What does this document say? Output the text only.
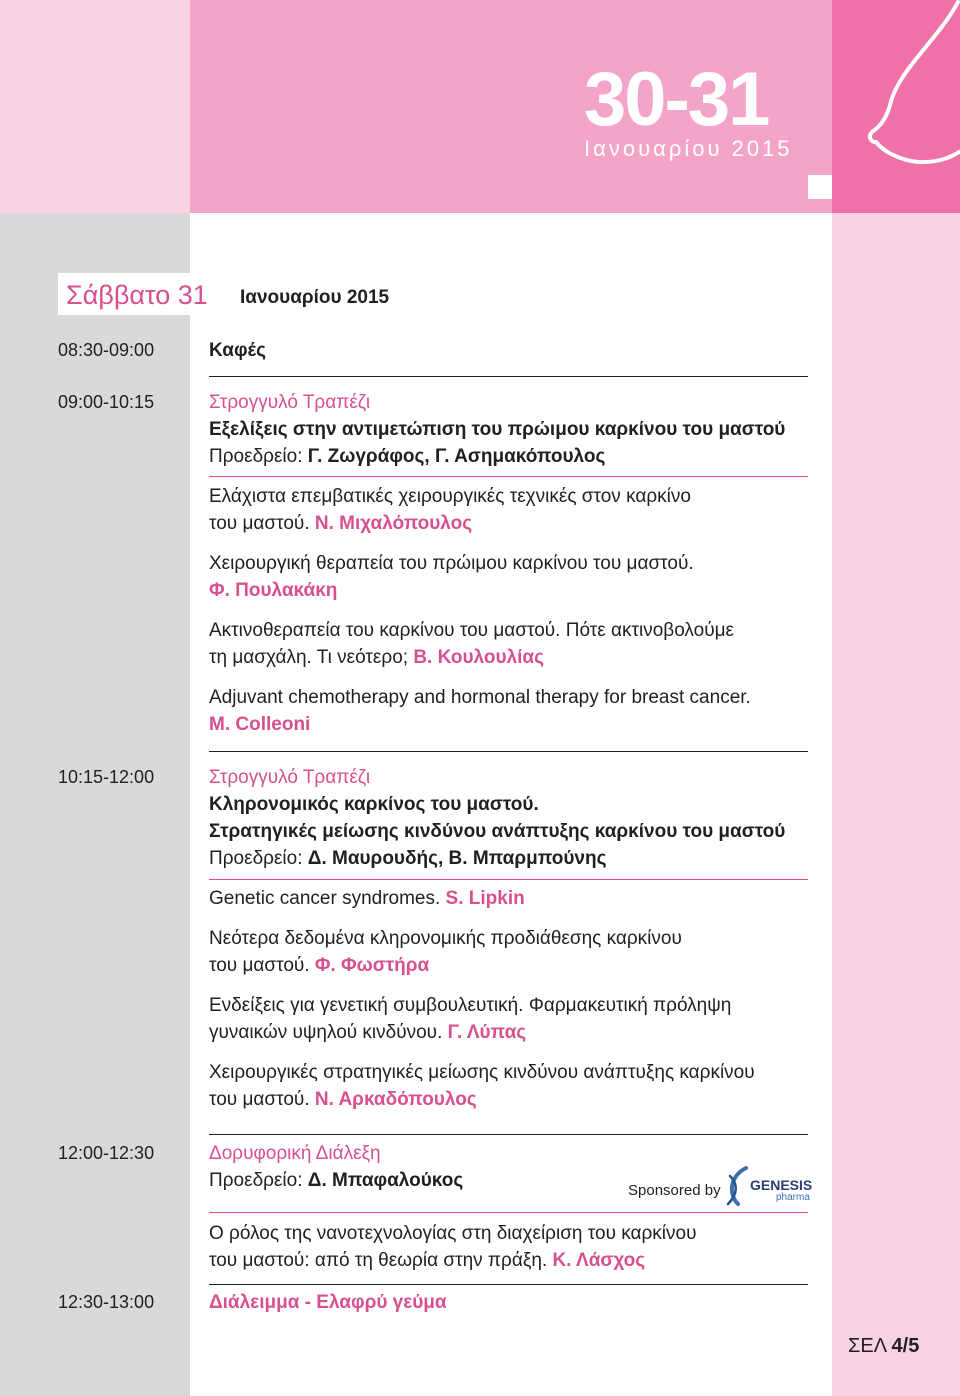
30-31
Ιανουαρίου 2015
Σάββατο 31 Ιανουαρίου 2015
08:30-09:00	Καφές
09:00-10:15	Στρογγυλό Τραπέζι
Εξελίξεις στην αντιμετώπιση του πρώιμου καρκίνου του μαστού
Προεδρείο: Γ. Ζωγράφος, Γ. Ασημακόπουλος
Ελάχιστα επεμβατικές χειρουργικές τεχνικές στον καρκίνο
του μαστού. Ν. Μιχαλόπουλος
Χειρουργική θεραπεία του πρώιμου καρκίνου του μαστού.
Φ. Πουλακάκη
Ακτινοθεραπεία του καρκίνου του μαστού. Πότε ακτινοβολούμε
τη μασχάλη. Τι νεότερο; Β. Κουλουλίας
Adjuvant chemotherapy and hormonal therapy for breast cancer.
M. Colleoni
10:15-12:00	Στρογγυλό Τραπέζι
Κληρονομικός καρκίνος του μαστού.
Στρατηγικές μείωσης κινδύνου ανάπτυξης καρκίνου του μαστού
Προεδρείο: Δ. Μαυρουδής, Β. Μπαρμπούνης
Genetic cancer syndromes. S. Lipkin
Νεότερα δεδομένα κληρονομικής προδιάθεσης καρκίνου
του μαστού. Φ. Φωστήρα
Ενδείξεις για γενετική συμβουλευτική. Φαρμακευτική πρόληψη
γυναικών υψηλού κινδύνου. Γ. Λύπας
Χειρουργικές στρατηγικές μείωσης κινδύνου ανάπτυξης καρκίνου
του μαστού. Ν. Αρκαδόπουλος
12:00-12:30	Δορυφορική Διάλεξη
Προεδρείο: Δ. Μπαφαλούκος	Sponsored by GENESIS
pharma
Ο ρόλος της νανοτεχνολογίας στη διαχείριση του καρκίνου
του μαστού: από τη θεωρία στην πράξη. Κ. Λάσχος
12:30-13:00	Διάλειμμα - Ελαφρύ γεύμα
ΣΕΛ 4/5
